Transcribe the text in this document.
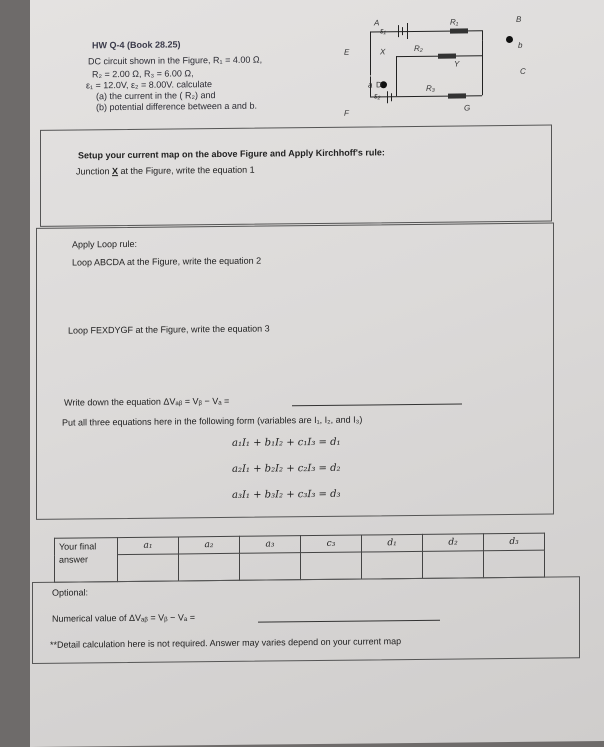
HW Q-4 (Book 28.25)
DC circuit shown in the Figure, R₁ = 4.00 Ω,
R₂ = 2.00 Ω, R₃ = 6.00 Ω,
ε₁ = 12.0V, ε₂ = 8.00V. calculate
(a) the current in the ( R₂) and
(b) potential difference between a and b.
A	B
E	X
Y
a
b
C
D
F
G
ε₁
ε₂
R₁
R₂
R₃
Setup your current map on the above Figure and Apply Kirchhoff's rule:
Junction X at the Figure, write the equation 1
Apply Loop rule:
Loop ABCDA at the Figure, write the equation 2
Loop FEXDYGF at the Figure, write the equation 3
Write down the equation ΔVₐᵦ = Vᵦ − Vₐ =
Put all three equations here in the following form (variables are I₁, I₂, and I₃)
a₁I₁ + b₁I₂ + c₁I₃ = d₁
a₂I₁ + b₂I₂ + c₂I₃ = d₂
a₃I₁ + b₃I₂ + c₃I₃ = d₃
Your final
answer	a₁	a₂	a₃	c₃	d₁	d₂	d₃

Optional:
Numerical value of ΔVₐᵦ = Vᵦ − Vₐ =
**Detail calculation here is not required. Answer may varies depend on your current map
